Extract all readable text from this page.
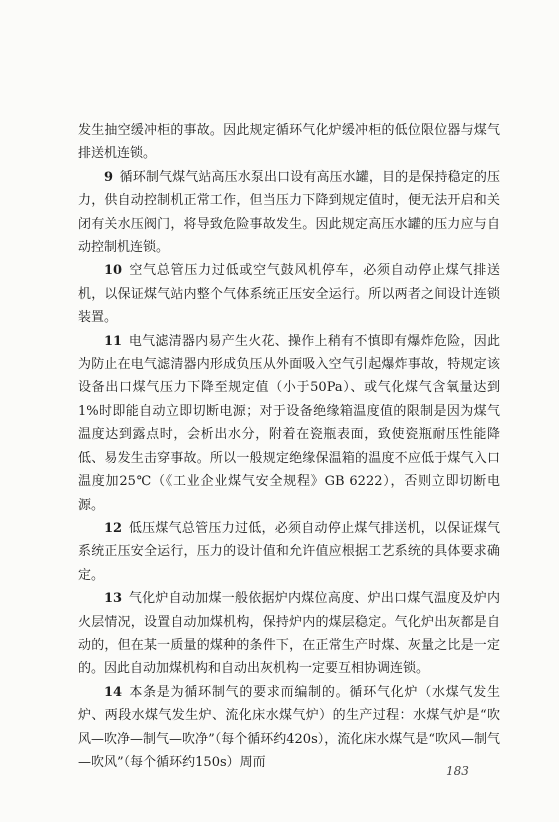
发生抽空缓冲柜的事故。因此规定循环气化炉缓冲柜的低位限位器与煤气排送机连锁。

9 循环制气煤气站高压水泵出口设有高压水罐，目的是保持稳定的压力，供自动控制机正常工作，但当压力下降到规定值时，便无法开启和关闭有关水压阀门，将导致危险事故发生。因此规定高压水罐的压力应与自动控制机连锁。

10 空气总管压力过低或空气鼓风机停车，必须自动停止煤气排送机，以保证煤气站内整个气体系统正压安全运行。所以两者之间设计连锁装置。

11 电气滤清器内易产生火花、操作上稍有不慎即有爆炸危险，因此为防止在电气滤清器内形成负压从外面吸入空气引起爆炸事故，特规定该设备出口煤气压力下降至规定值（小于50Pa）、或气化煤气含氧量达到1%时即能自动立即切断电源；对于设备绝缘箱温度值的限制是因为煤气温度达到露点时，会析出水分，附着在瓷瓶表面，致使瓷瓶耐压性能降低、易发生击穿事故。所以一般规定绝缘保温箱的温度不应低于煤气入口温度加25℃（《工业企业煤气安全规程》GB 6222），否则立即切断电源。

12 低压煤气总管压力过低，必须自动停止煤气排送机，以保证煤气系统正压安全运行，压力的设计值和允许值应根据工艺系统的具体要求确定。

13 气化炉自动加煤一般依据炉内煤位高度、炉出口煤气温度及炉内火层情况，设置自动加煤机构，保持炉内的煤层稳定。气化炉出灰都是自动的，但在某一质量的煤种的条件下，在正常生产时煤、灰量之比是一定的。因此自动加煤机构和自动出灰机构一定要互相协调连锁。

14 本条是为循环制气的要求而编制的。循环气化炉（水煤气发生炉、两段水煤气发生炉、流化床水煤气炉）的生产过程：水煤气炉是“吹风—吹净—制气—吹净”（每个循环约420s），流化床水煤气是“吹风—制气—吹风”（每个循环约150s）周而

183
